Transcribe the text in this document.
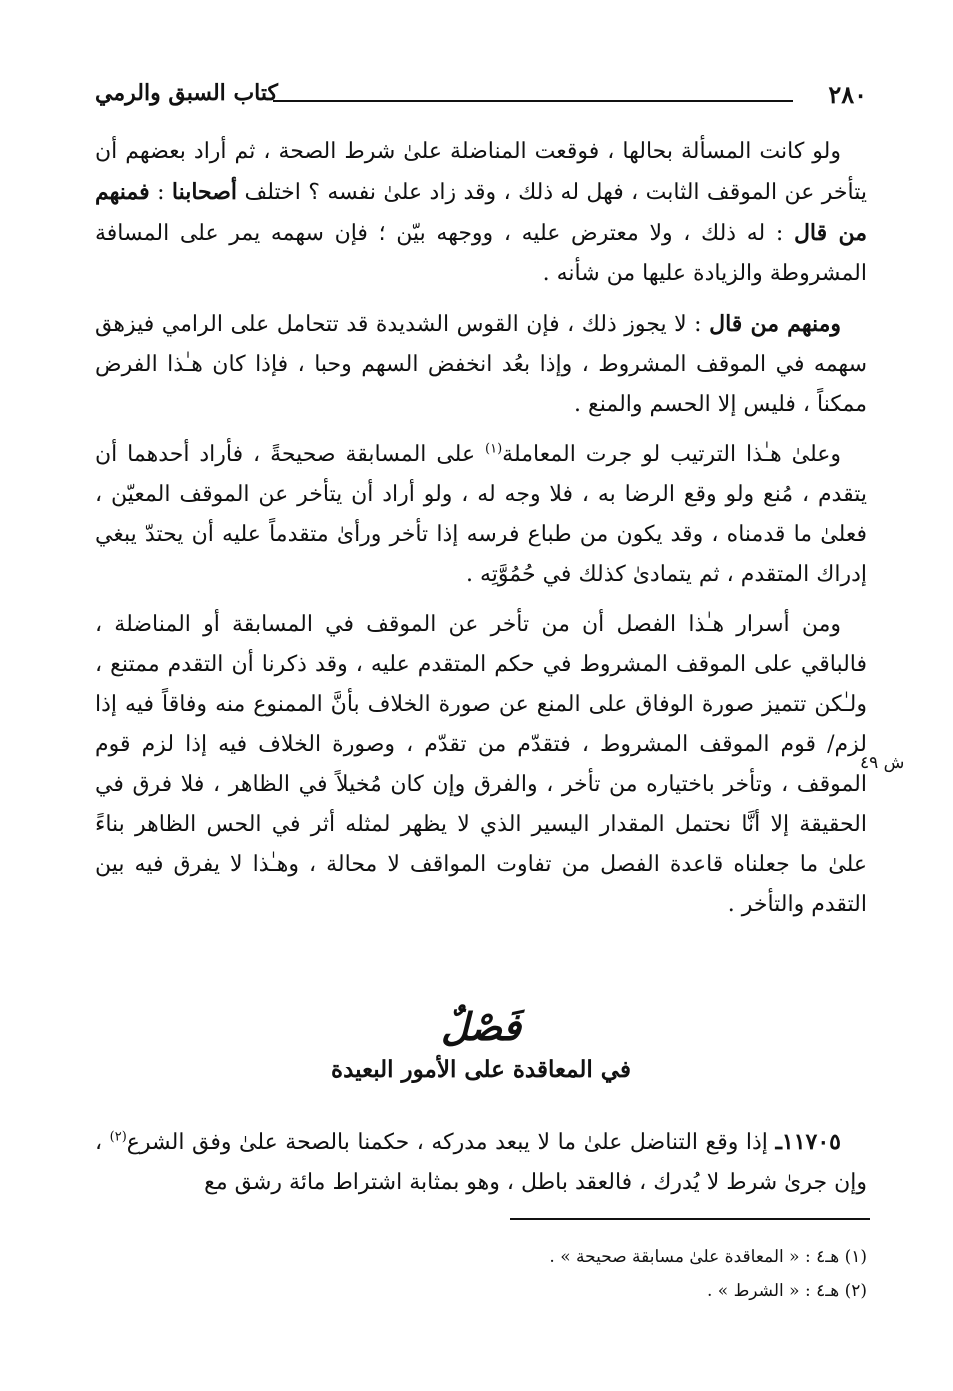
٢٨٠
كتاب السبق والرمي

ولو كانت المسألة بحالها ، فوقعت المناضلة علىٰ شرط الصحة ، ثم أراد بعضهم أن يتأخر عن الموقف الثابت ، فهل له ذلك ، وقد زاد علىٰ نفسه ؟ اختلف أصحابنا : فمنهم من قال : له ذلك ، ولا معترض عليه ، ووجهه بيّن ؛ فإن سهمه يمر على المسافة المشروطة والزيادة عليها من شأنه .

ومنهم من قال : لا يجوز ذلك ، فإن القوس الشديدة قد تتحامل على الرامي فيزهق سهمه في الموقف المشروط ، وإذا بعُد انخفض السهم وحبا ، فإذا كان هـٰذا الفرض ممكناً ، فليس إلا الحسم والمنع .

وعلىٰ هـٰذا الترتيب لو جرت المعاملة$^{(١)}$ على المسابقة صحيحةً ، فأراد أحدهما أن يتقدم ، مُنع ولو وقع الرضا به ، فلا وجه له ، ولو أراد أن يتأخر عن الموقف المعيّن ، فعلىٰ ما قدمناه ، وقد يكون من طباع فرسه إذا تأخر ورأىٰ متقدماً عليه أن يحتدّ يبغي إدراك المتقدم ، ثم يتمادىٰ كذلك في حُمُوَّتِه .

ومن أسرار هـٰذا الفصل أن من تأخر عن الموقف في المسابقة أو المناضلة ، فالباقي على الموقف المشروط في حكم المتقدم عليه ، وقد ذكرنا أن التقدم ممتنع ، ولـٰكن تتميز صورة الوفاق على المنع عن صورة الخلاف بأنَّ الممنوع منه وفاقاً فيه إذا لزم/ قوم الموقف المشروط ، فتقدّم من تقدّم ، وصورة الخلاف فيه إذا لزم قوم الموقف ، وتأخر باختياره من تأخر ، والفرق وإن كان مُخيلاً في الظاهر ، فلا فرق في الحقيقة إلا أنَّا نحتمل المقدار اليسير الذي لا يظهر لمثله أثر في الحس الظاهر بناءً علىٰ ما جعلناه قاعدة الفصل من تفاوت المواقف لا محالة ، وهـٰذا لا يفرق فيه بين التقدم والتأخر .

ش ٤٩
فَصْلٌ
في المعاقدة على الأمور البعيدة

١١٧٠٥ـ إذا وقع التناضل علىٰ ما لا يبعد مدركه ، حكمنا بالصحة علىٰ وفق الشرع$^{(٢)}$ ، وإن جرىٰ شرط لا يُدرك ، فالعقد باطل ، وهو بمثابة اشتراط مائة رشق مع

(١) هـ٤ : « المعاقدة علىٰ مسابقة صحيحة » .
(٢) هـ٤ : « الشرط » .
